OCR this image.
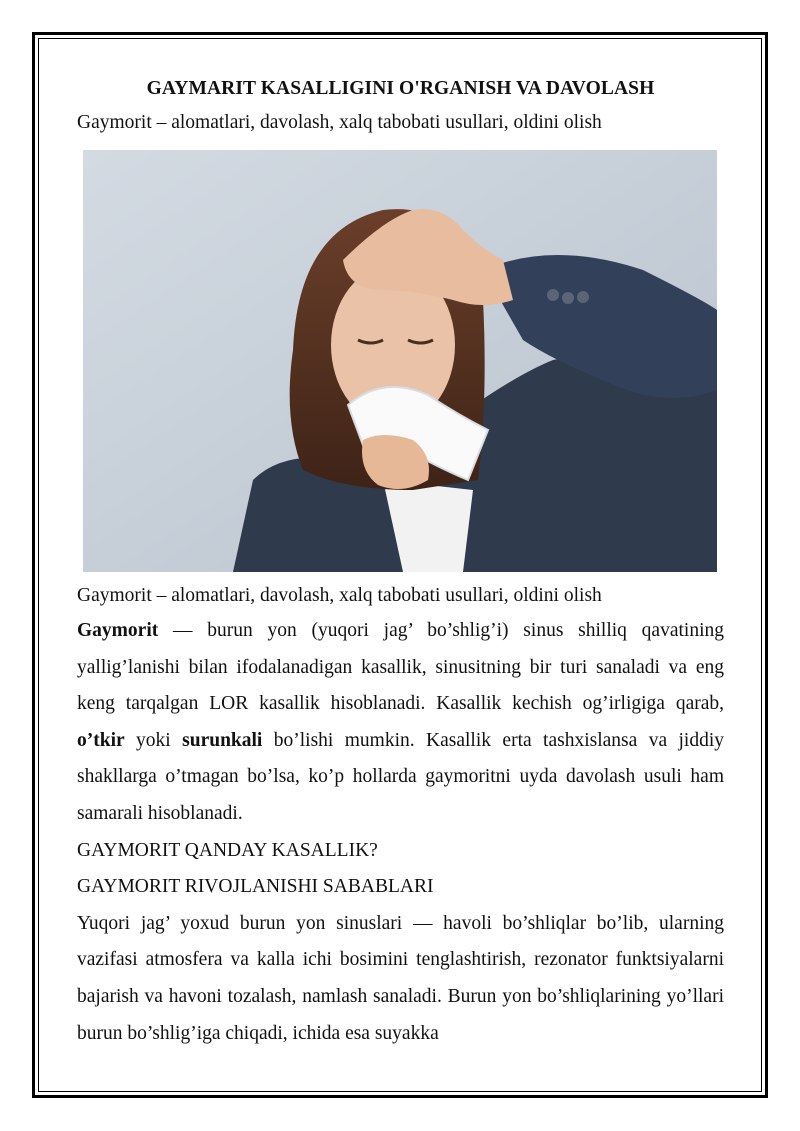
GAYMARIT KASALLIGINI O'RGANISH VA DAVOLASH

Gaymorit – alomatlari, davolash, xalq tabobati usullari, oldini olish

Gaymorit – alomatlari, davolash, xalq tabobati usullari, oldini olish

Gaymorit — burun yon (yuqori jag’ bo’shlig’i) sinus shilliq qavatining yallig’lanishi bilan ifodalanadigan kasallik, sinusitning bir turi sanaladi va eng keng tarqalgan LOR kasallik hisoblanadi. Kasallik kechish og’irligiga qarab, o’tkir yoki surunkali bo’lishi mumkin. Kasallik erta tashxislansa va jiddiy shakllarga o’tmagan bo’lsa, ko’p hollarda gaymoritni uyda davolash usuli ham samarali hisoblanadi.

GAYMORIT QANDAY KASALLIK?

GAYMORIT RIVOJLANISHI SABABLARI

Yuqori jag’ yoxud burun yon sinuslari — havoli bo’shliqlar bo’lib, ularning vazifasi atmosfera va kalla ichi bosimini tenglashtirish, rezonator funktsiyalarni bajarish va havoni tozalash, namlash sanaladi. Burun yon bo’shliqlarining yo’llari burun bo’shlig’iga chiqadi, ichida esa suyakka
